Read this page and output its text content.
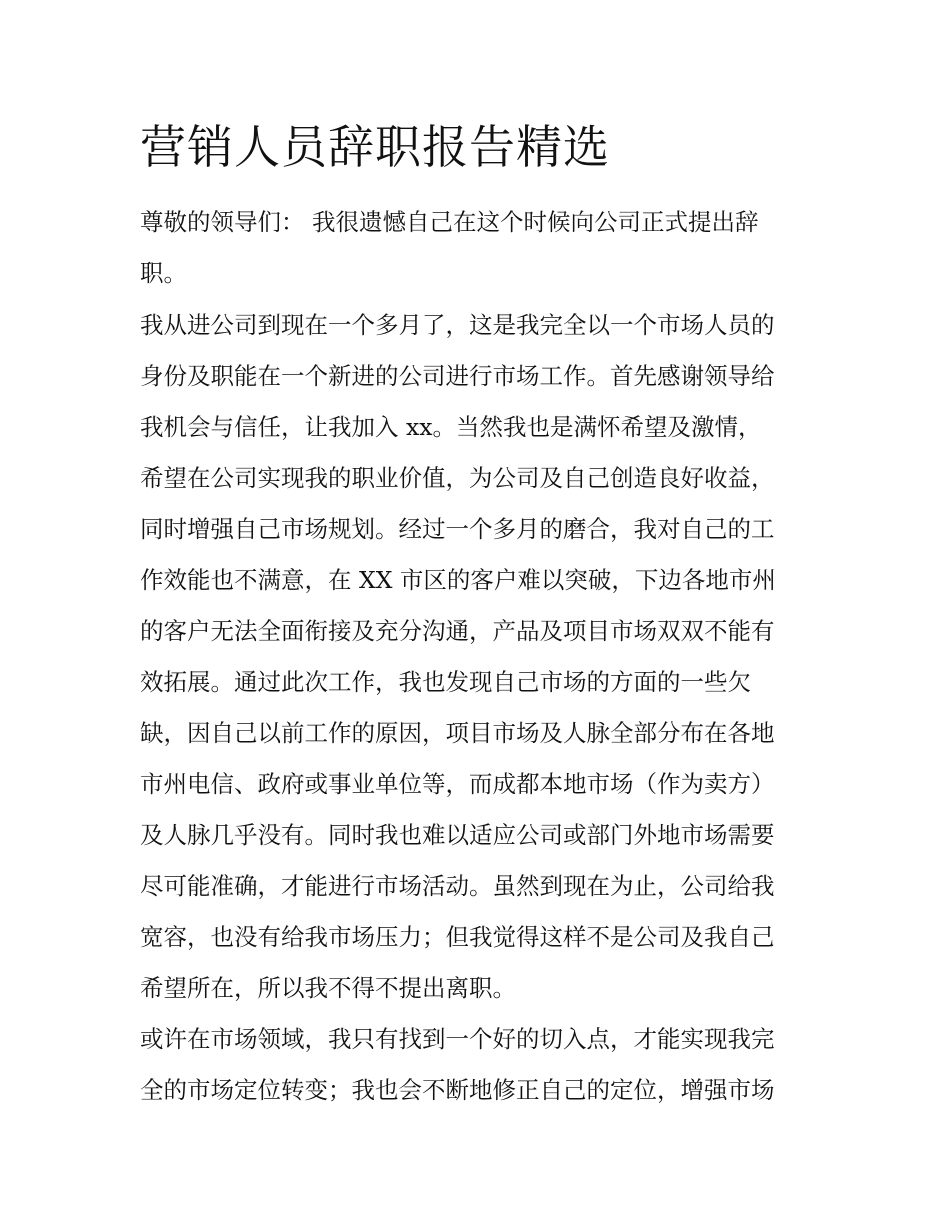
营销人员辞职报告精选

尊敬的领导们： 我很遗憾自己在这个时候向公司正式提出辞

职。

我从进公司到现在一个多月了，这是我完全以一个市场人员的

身份及职能在一个新进的公司进行市场工作。首先感谢领导给

我机会与信任，让我加入 xx。当然我也是满怀希望及激情，

希望在公司实现我的职业价值，为公司及自己创造良好收益，

同时增强自己市场规划。经过一个多月的磨合，我对自己的工

作效能也不满意，在 XX 市区的客户难以突破，下边各地市州

的客户无法全面衔接及充分沟通，产品及项目市场双双不能有

效拓展。通过此次工作，我也发现自己市场的方面的一些欠

缺，因自己以前工作的原因，项目市场及人脉全部分布在各地

市州电信、政府或事业单位等，而成都本地市场（作为卖方）

及人脉几乎没有。同时我也难以适应公司或部门外地市场需要

尽可能准确，才能进行市场活动。虽然到现在为止，公司给我

宽容，也没有给我市场压力；但我觉得这样不是公司及我自己

希望所在，所以我不得不提出离职。

或许在市场领域，我只有找到一个好的切入点，才能实现我完

全的市场定位转变；我也会不断地修正自己的定位，增强市场
